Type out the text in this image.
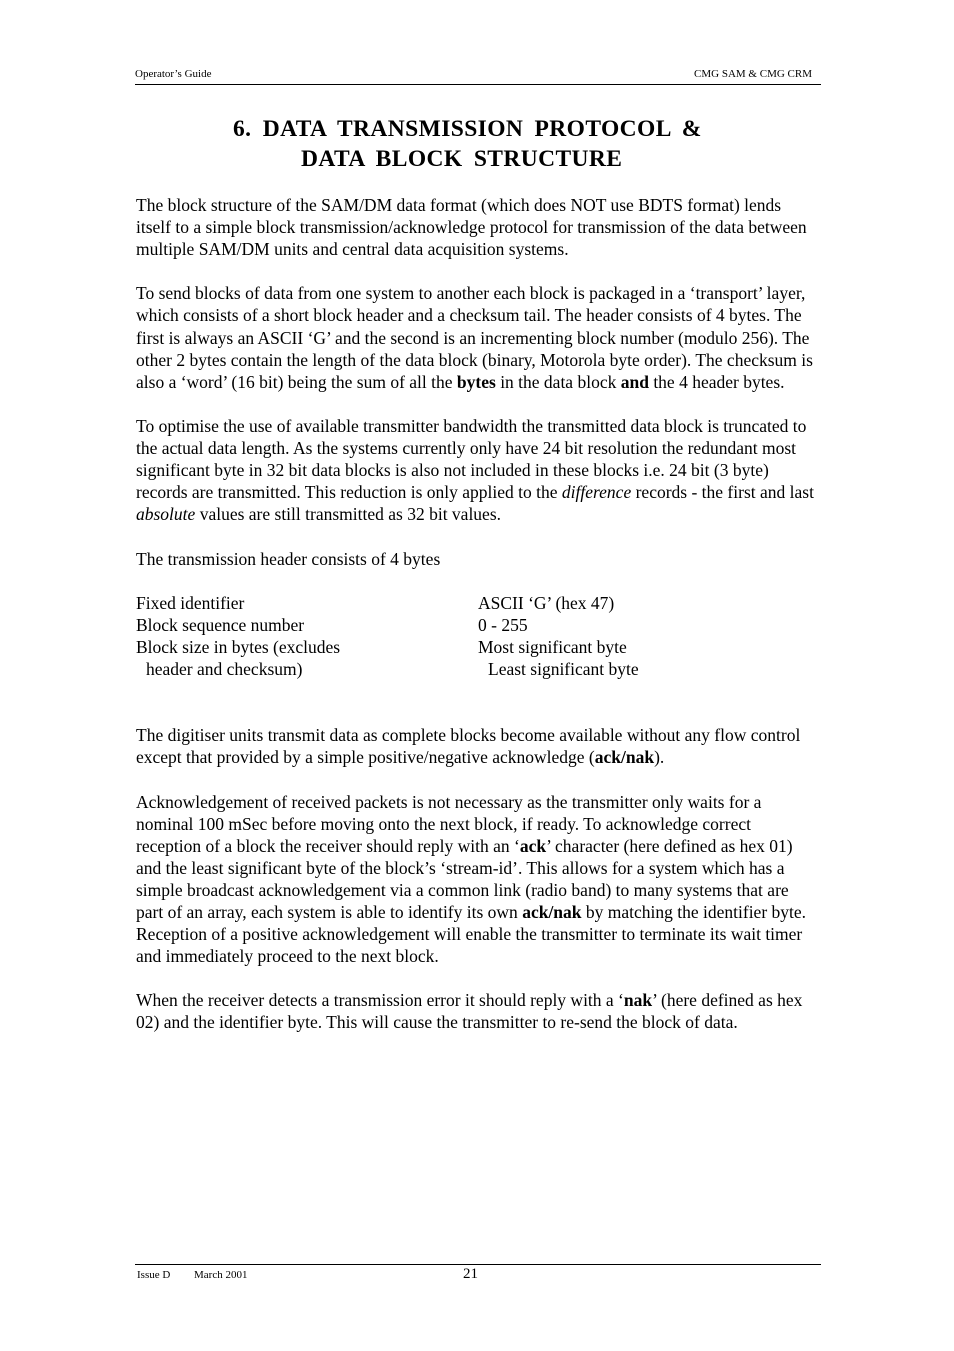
Operator’s Guide	CMG SAM & CMG CRM
6. DATA TRANSMISSION PROTOCOL &
DATA BLOCK STRUCTURE

The block structure of the SAM/DM data format (which does NOT use BDTS format) lends itself to a simple block transmission/acknowledge protocol for transmission of the data between multiple SAM/DM units and central data acquisition systems.

To send blocks of data from one system to another each block is packaged in a ‘transport’ layer, which consists of a short block header and a checksum tail. The header consists of 4 bytes. The first is always an ASCII ‘G’ and the second is an incrementing block number (modulo 256). The other 2 bytes contain the length of the data block (binary, Motorola byte order). The checksum is also a ‘word’ (16 bit) being the sum of all the bytes in the data block and the 4 header bytes.

To optimise the use of available transmitter bandwidth the transmitted data block is truncated to the actual data length. As the systems currently only have 24 bit resolution the redundant most significant byte in 32 bit data blocks is also not included in these blocks i.e. 24 bit (3 byte) records are transmitted. This reduction is only applied to the difference records - the first and last absolute values are still transmitted as 32 bit values.

The transmission header consists of 4 bytes

Fixed identifier	ASCII ‘G’ (hex 47)
Block sequence number	0 - 255
Block size in bytes (excludes	Most significant byte
header and checksum)	Least significant byte

The digitiser units transmit data as complete blocks become available without any flow control except that provided by a simple positive/negative acknowledge (ack/nak).

Acknowledgement of received packets is not necessary as the transmitter only waits for a nominal 100 mSec before moving onto the next block, if ready. To acknowledge correct reception of a block the receiver should reply with an ‘ack’ character (here defined as hex 01) and the least significant byte of the block’s ‘stream-id’. This allows for a system which has a simple broadcast acknowledgement via a common link (radio band) to many systems that are part of an array, each system is able to identify its own ack/nak by matching the identifier byte. Reception of a positive acknowledgement will enable the transmitter to terminate its wait timer and immediately proceed to the next block.

When the receiver detects a transmission error it should reply with a ‘nak’ (here defined as hex 02) and the identifier byte. This will cause the transmitter to re-send the block of data.

Issue D March 2001	21
